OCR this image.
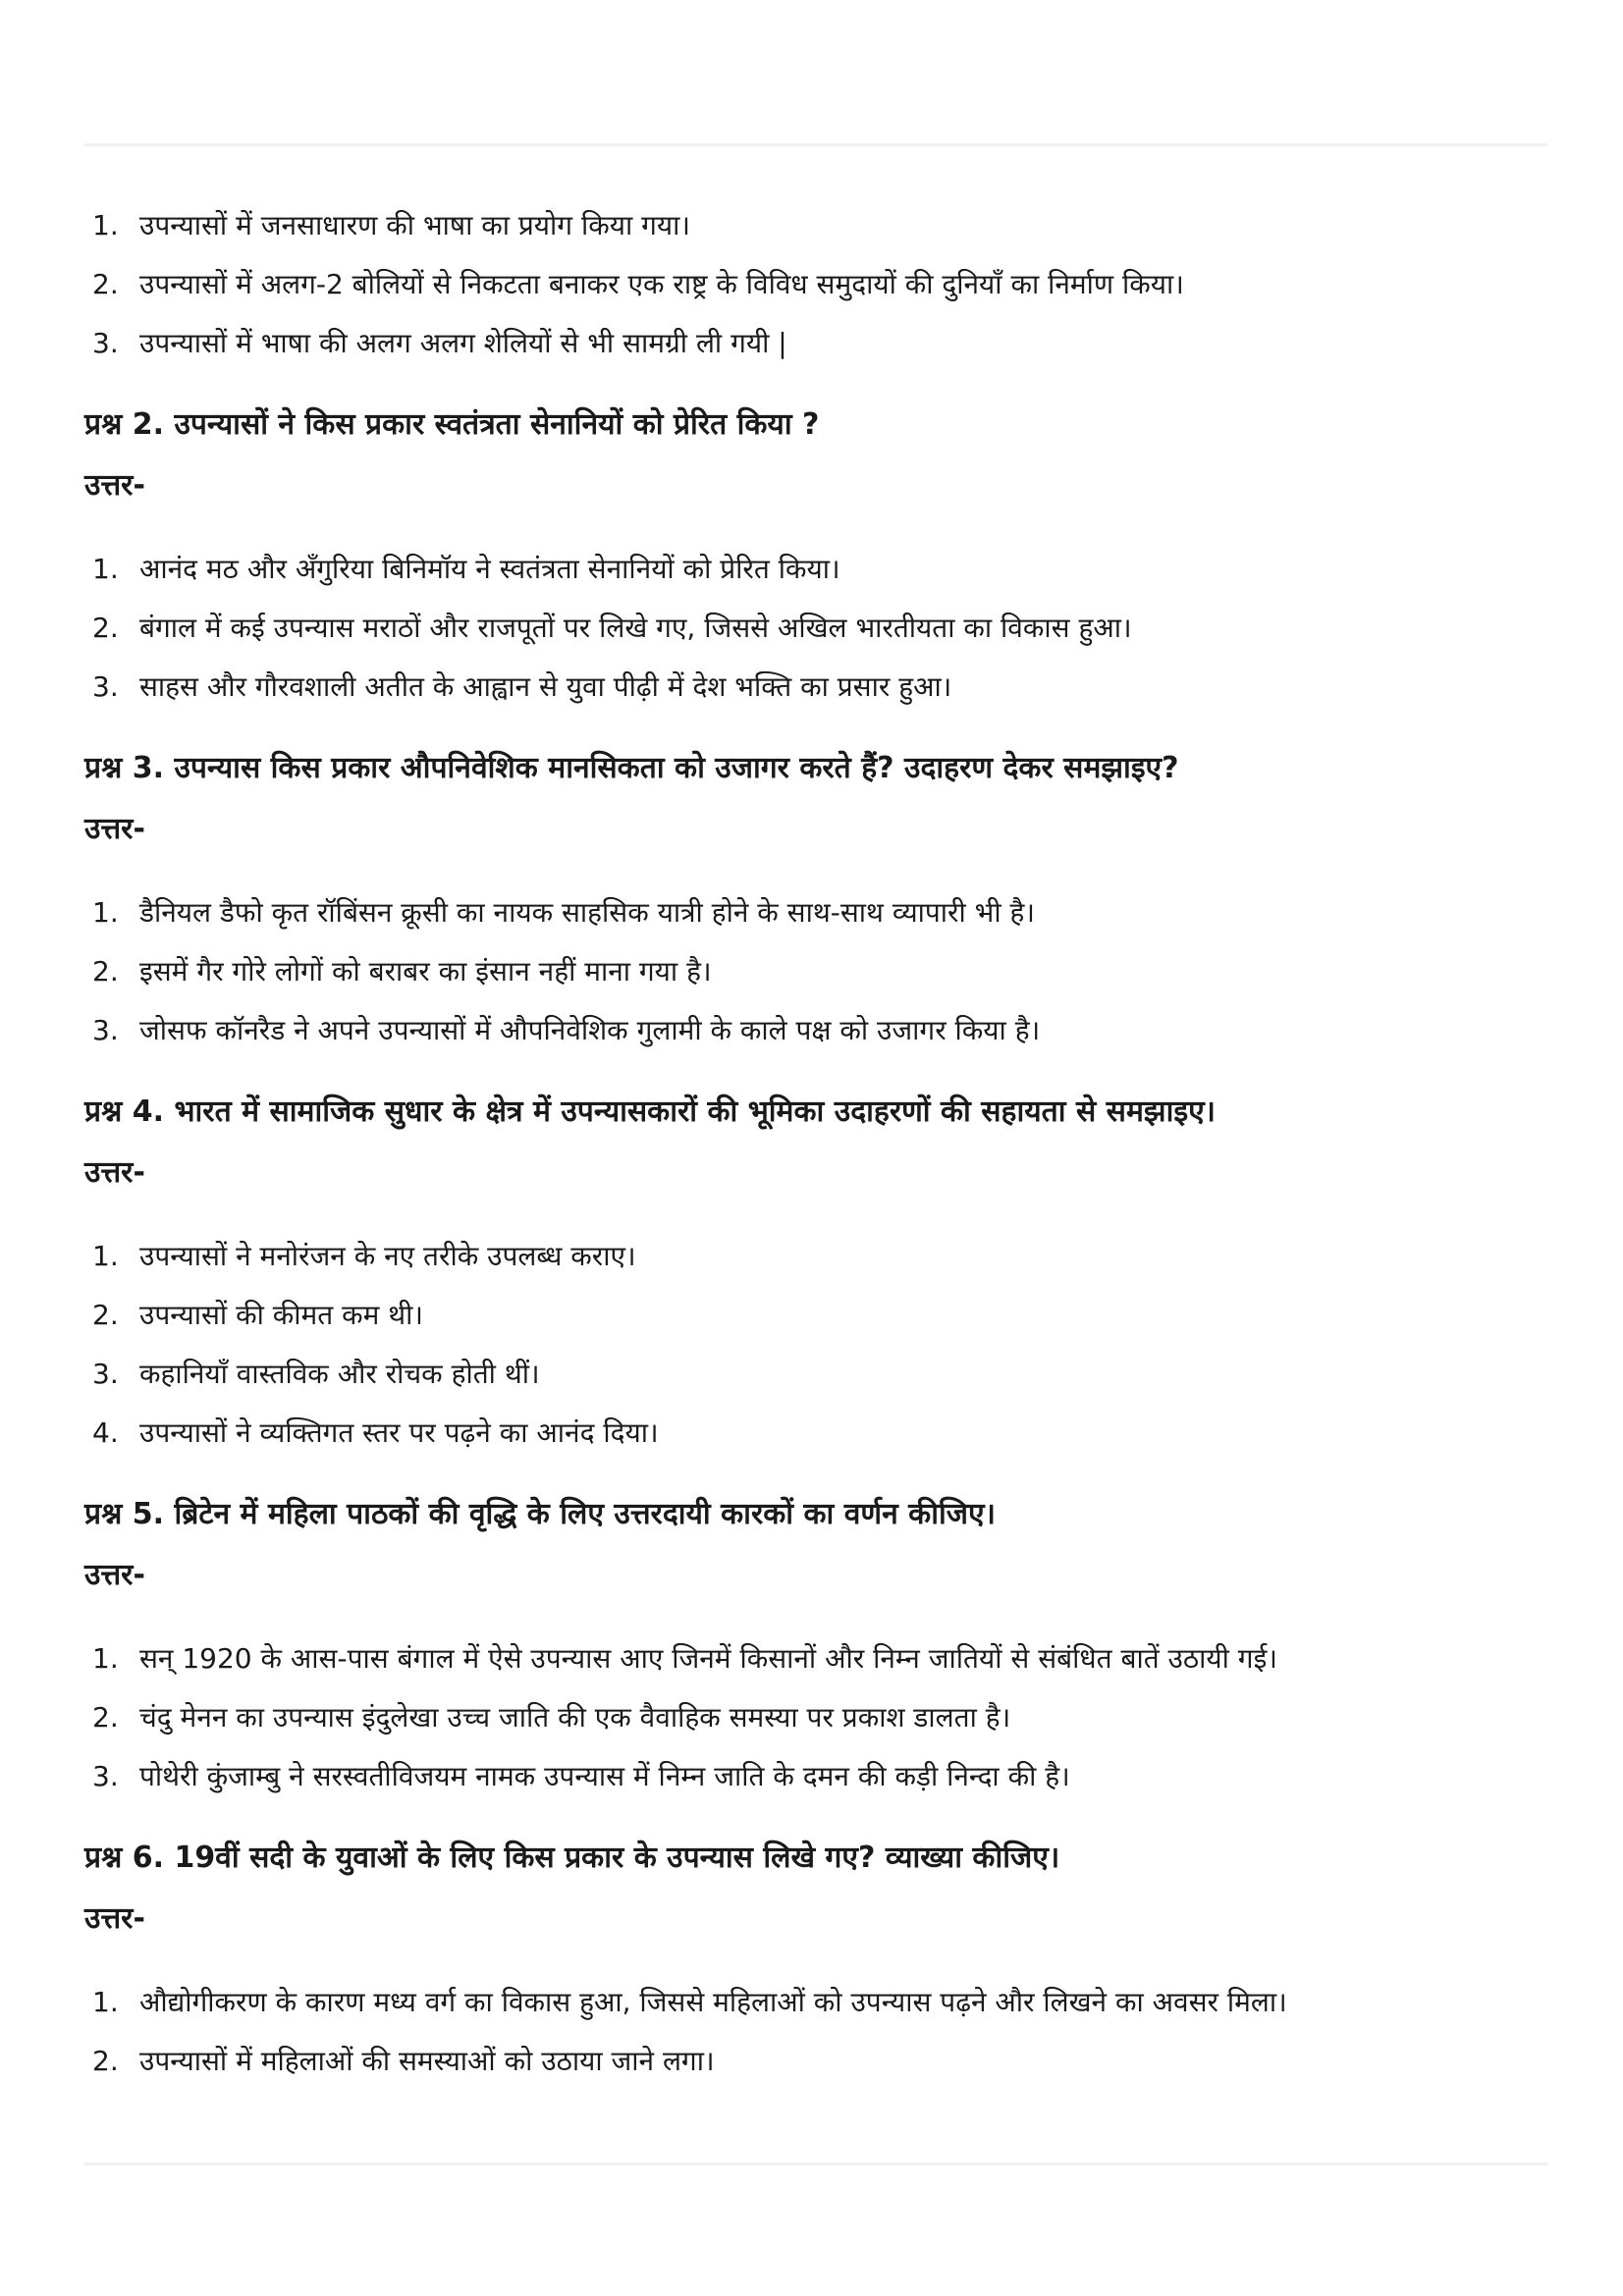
1. उपन्यासों में जनसाधारण की भाषा का प्रयोग किया गया।
2. उपन्यासों में अलग-2 बोलियों से निकटता बनाकर एक राष्ट्र के विविध समुदायों की दुनियाँ का निर्माण किया।
3. उपन्यासों में भाषा की अलग अलग शेलियों से भी सामग्री ली गयी |

प्रश्न 2. उपन्यासों ने किस प्रकार स्वतंत्रता सेनानियों को प्रेरित किया ?

उत्तर-

1. आनंद मठ और अँगुरिया बिनिमॉय ने स्वतंत्रता सेनानियों को प्रेरित किया।
2. बंगाल में कई उपन्यास मराठों और राजपूतों पर लिखे गए, जिससे अखिल भारतीयता का विकास हुआ।
3. साहस और गौरवशाली अतीत के आह्वान से युवा पीढ़ी में देश भक्ति का प्रसार हुआ।

प्रश्न 3. उपन्यास किस प्रकार औपनिवेशिक मानसिकता को उजागर करते हैं? उदाहरण देकर समझाइए?

उत्तर-

1. डैनियल डैफो कृत रॉबिंसन क्रूसी का नायक साहसिक यात्री होने के साथ-साथ व्यापारी भी है।
2. इसमें गैर गोरे लोगों को बराबर का इंसान नहीं माना गया है।
3. जोसफ कॉनरैड ने अपने उपन्यासों में औपनिवेशिक गुलामी के काले पक्ष को उजागर किया है।

प्रश्न 4. भारत में सामाजिक सुधार के क्षेत्र में उपन्यासकारों की भूमिका उदाहरणों की सहायता से समझाइए।

उत्तर-

1. उपन्यासों ने मनोरंजन के नए तरीके उपलब्ध कराए।
2. उपन्यासों की कीमत कम थी।
3. कहानियाँ वास्तविक और रोचक होती थीं।
4. उपन्यासों ने व्यक्तिगत स्तर पर पढ़ने का आनंद दिया।

प्रश्न 5. ब्रिटेन में महिला पाठकों की वृद्धि के लिए उत्तरदायी कारकों का वर्णन कीजिए।

उत्तर-

1. सन् 1920 के आस-पास बंगाल में ऐसे उपन्यास आए जिनमें किसानों और निम्न जातियों से संबंधित बातें उठायी गई।
2. चंदु मेनन का उपन्यास इंदुलेखा उच्च जाति की एक वैवाहिक समस्या पर प्रकाश डालता है।
3. पोथेरी कुंजाम्बु ने सरस्वतीविजयम नामक उपन्यास में निम्न जाति के दमन की कड़ी निन्दा की है।

प्रश्न 6. 19वीं सदी के युवाओं के लिए किस प्रकार के उपन्यास लिखे गए? व्याख्या कीजिए।

उत्तर-

1. औद्योगीकरण के कारण मध्य वर्ग का विकास हुआ, जिससे महिलाओं को उपन्यास पढ़ने और लिखने का अवसर मिला।
2. उपन्यासों में महिलाओं की समस्याओं को उठाया जाने लगा।
